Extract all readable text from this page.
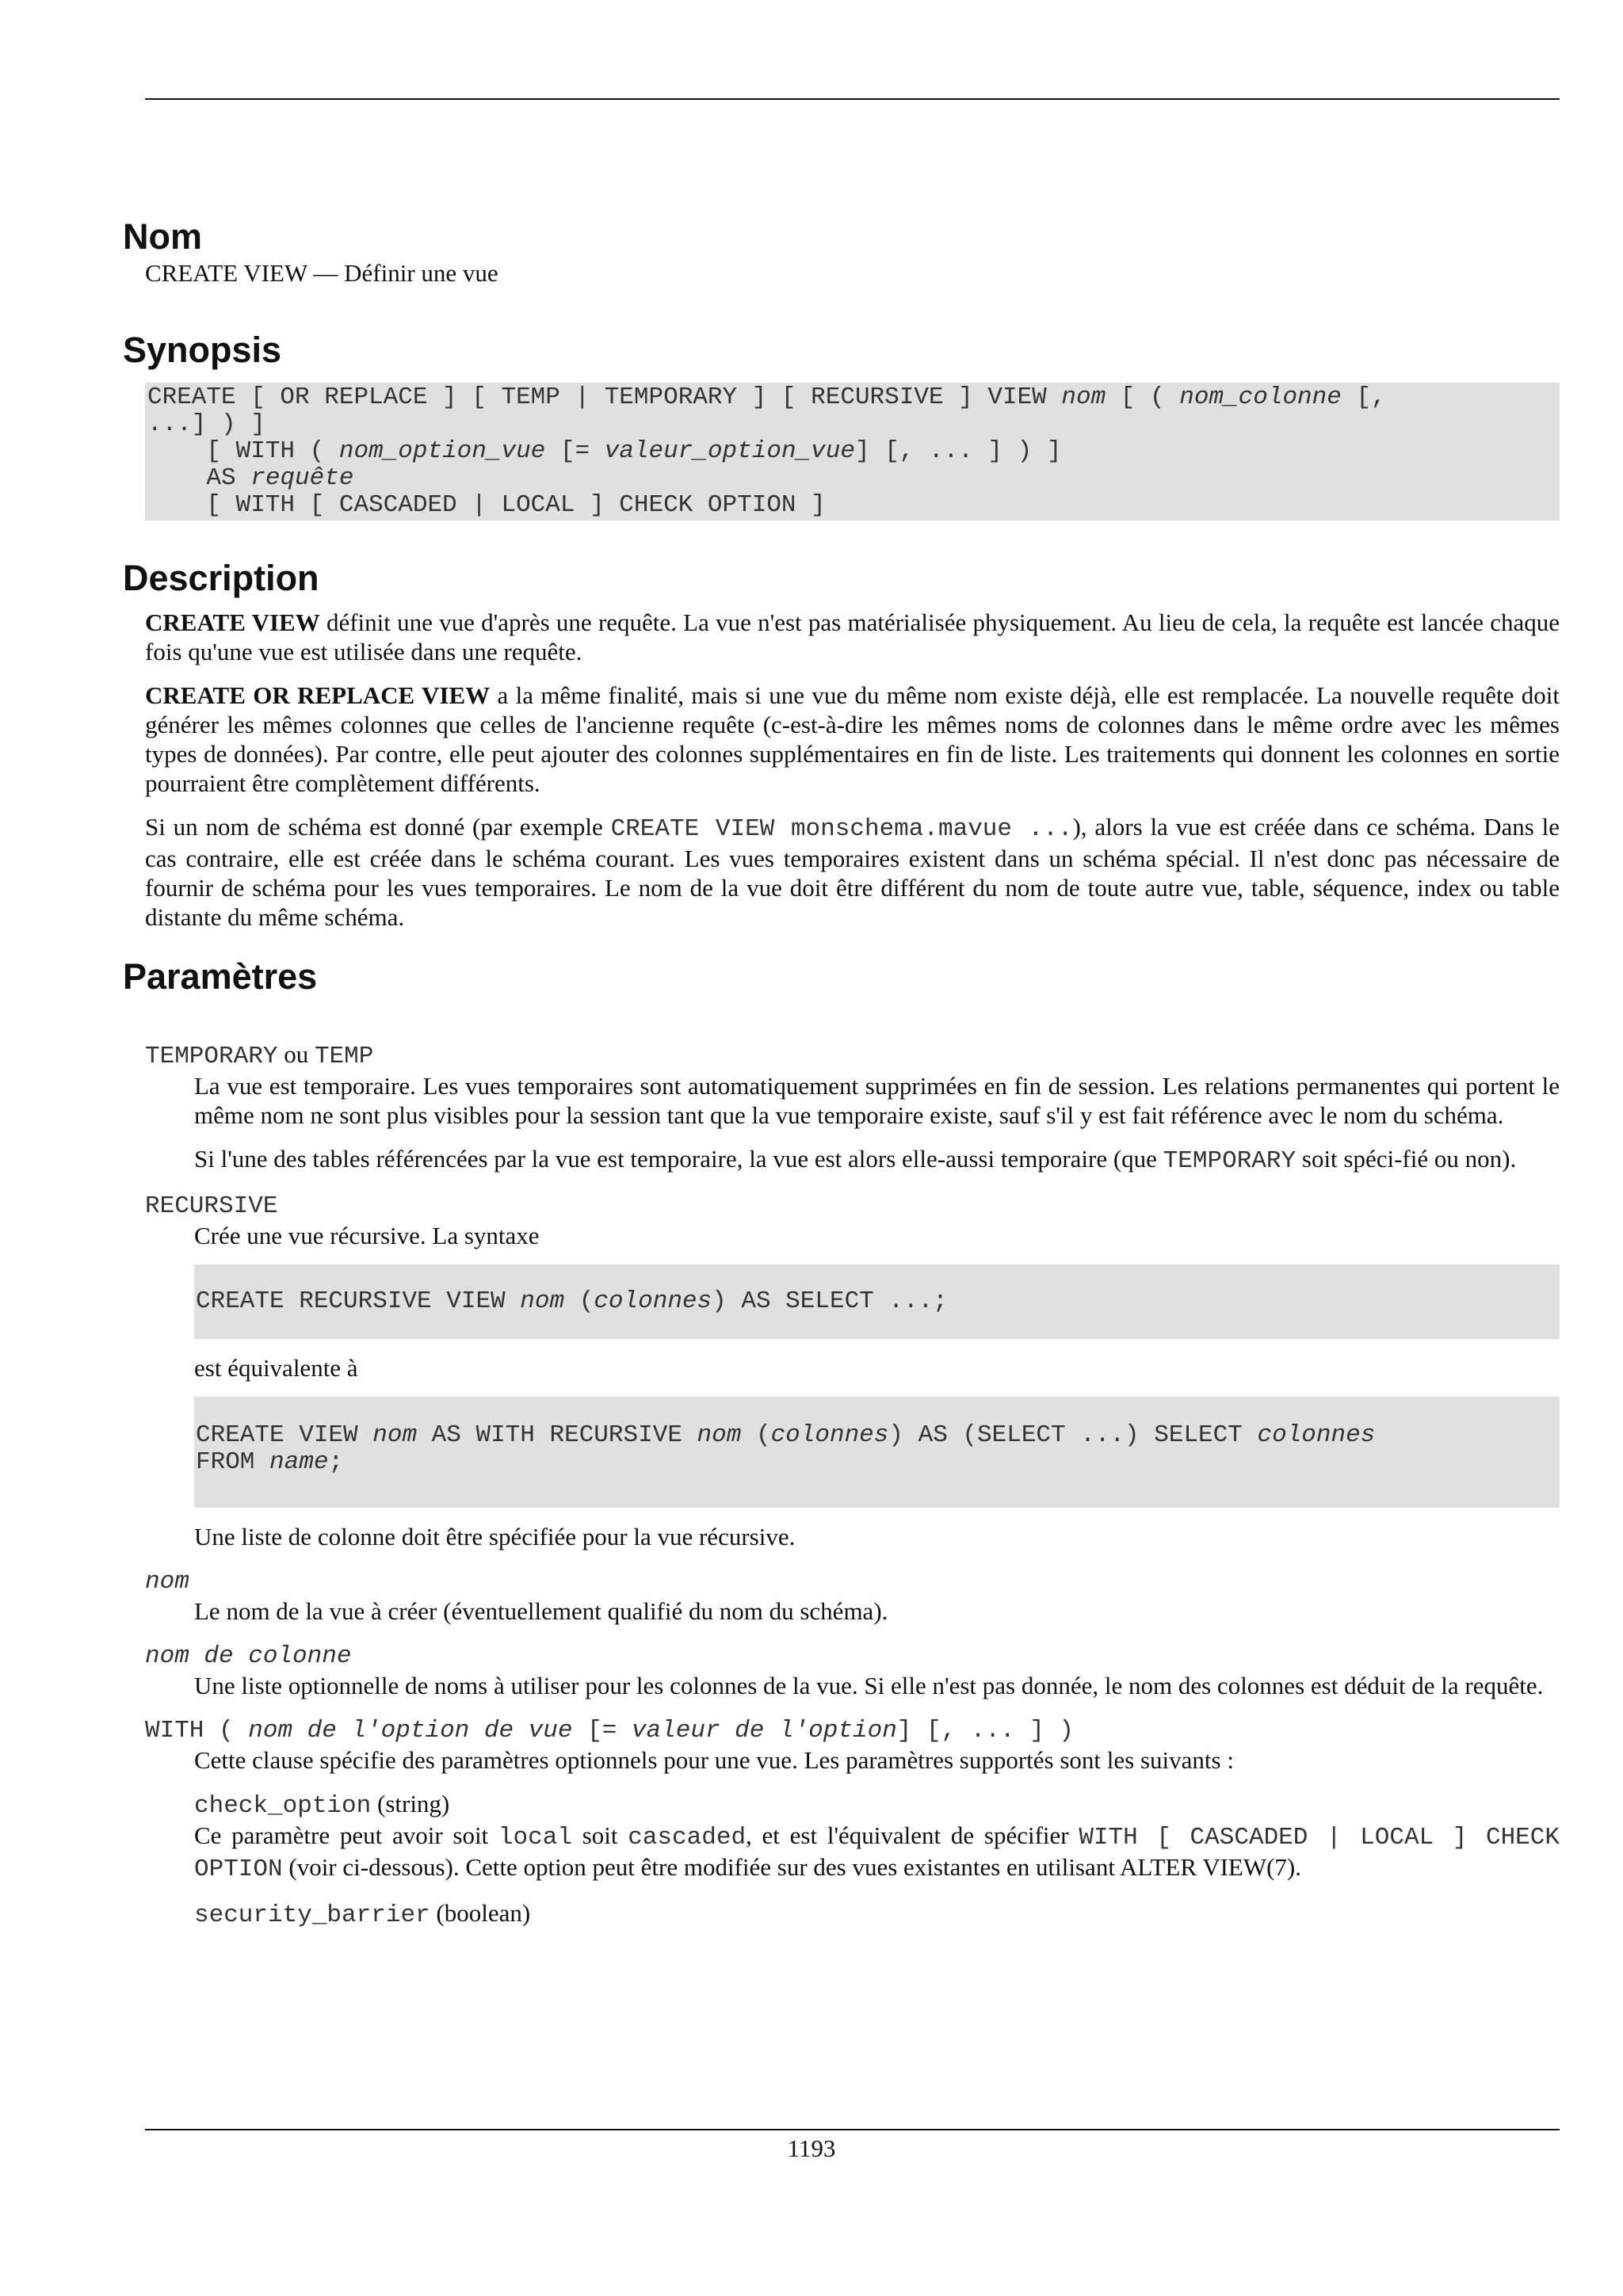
Nom
CREATE VIEW — Définir une vue
Synopsis
CREATE [ OR REPLACE ] [ TEMP | TEMPORARY ] [ RECURSIVE ] VIEW nom [ ( nom_colonne [,
...] ) ]
[ WITH ( nom_option_vue [= valeur_option_vue] [, ... ] ) ]
AS requête
[ WITH [ CASCADED | LOCAL ] CHECK OPTION ]
Description

CREATE VIEW définit une vue d'après une requête. La vue n'est pas matérialisée physiquement. Au lieu de cela, la requête est lancée chaque fois qu'une vue est utilisée dans une requête.

CREATE OR REPLACE VIEW a la même finalité, mais si une vue du même nom existe déjà, elle est remplacée. La nouvelle requête doit générer les mêmes colonnes que celles de l'ancienne requête (c-est-à-dire les mêmes noms de colonnes dans le même ordre avec les mêmes types de données). Par contre, elle peut ajouter des colonnes supplémentaires en fin de liste. Les traitements qui donnent les colonnes en sortie pourraient être complètement différents.

Si un nom de schéma est donné (par exemple CREATE VIEW monschema.mavue ...), alors la vue est créée dans ce schéma. Dans le cas contraire, elle est créée dans le schéma courant. Les vues temporaires existent dans un schéma spécial. Il n'est donc pas nécessaire de fournir de schéma pour les vues temporaires. Le nom de la vue doit être différent du nom de toute autre vue, table, séquence, index ou table distante du même schéma.

Paramètres
TEMPORARY ou TEMP

La vue est temporaire. Les vues temporaires sont automatiquement supprimées en fin de session. Les relations permanentes qui portent le même nom ne sont plus visibles pour la session tant que la vue temporaire existe, sauf s'il y est fait référence avec le nom du schéma.

Si l'une des tables référencées par la vue est temporaire, la vue est alors elle-aussi temporaire (que TEMPORARY soit spéci-fié ou non).

RECURSIVE

Crée une vue récursive. La syntaxe

CREATE RECURSIVE VIEW nom (colonnes) AS SELECT ...;

est équivalente à

CREATE VIEW nom AS WITH RECURSIVE nom (colonnes) AS (SELECT ...) SELECT colonnes
FROM name;

Une liste de colonne doit être spécifiée pour la vue récursive.

nom

Le nom de la vue à créer (éventuellement qualifié du nom du schéma).

nom de colonne

Une liste optionnelle de noms à utiliser pour les colonnes de la vue. Si elle n'est pas donnée, le nom des colonnes est déduit de la requête.

WITH ( nom de l'option de vue [= valeur de l'option] [, ... ] )

Cette clause spécifie des paramètres optionnels pour une vue. Les paramètres supportés sont les suivants :

check_option (string)

Ce paramètre peut avoir soit local soit cascaded, et est l'équivalent de spécifier WITH [ CASCADED | LOCAL ] CHECK OPTION (voir ci-dessous). Cette option peut être modifiée sur des vues existantes en utilisant ALTER VIEW(7).

security_barrier (boolean)
1193
